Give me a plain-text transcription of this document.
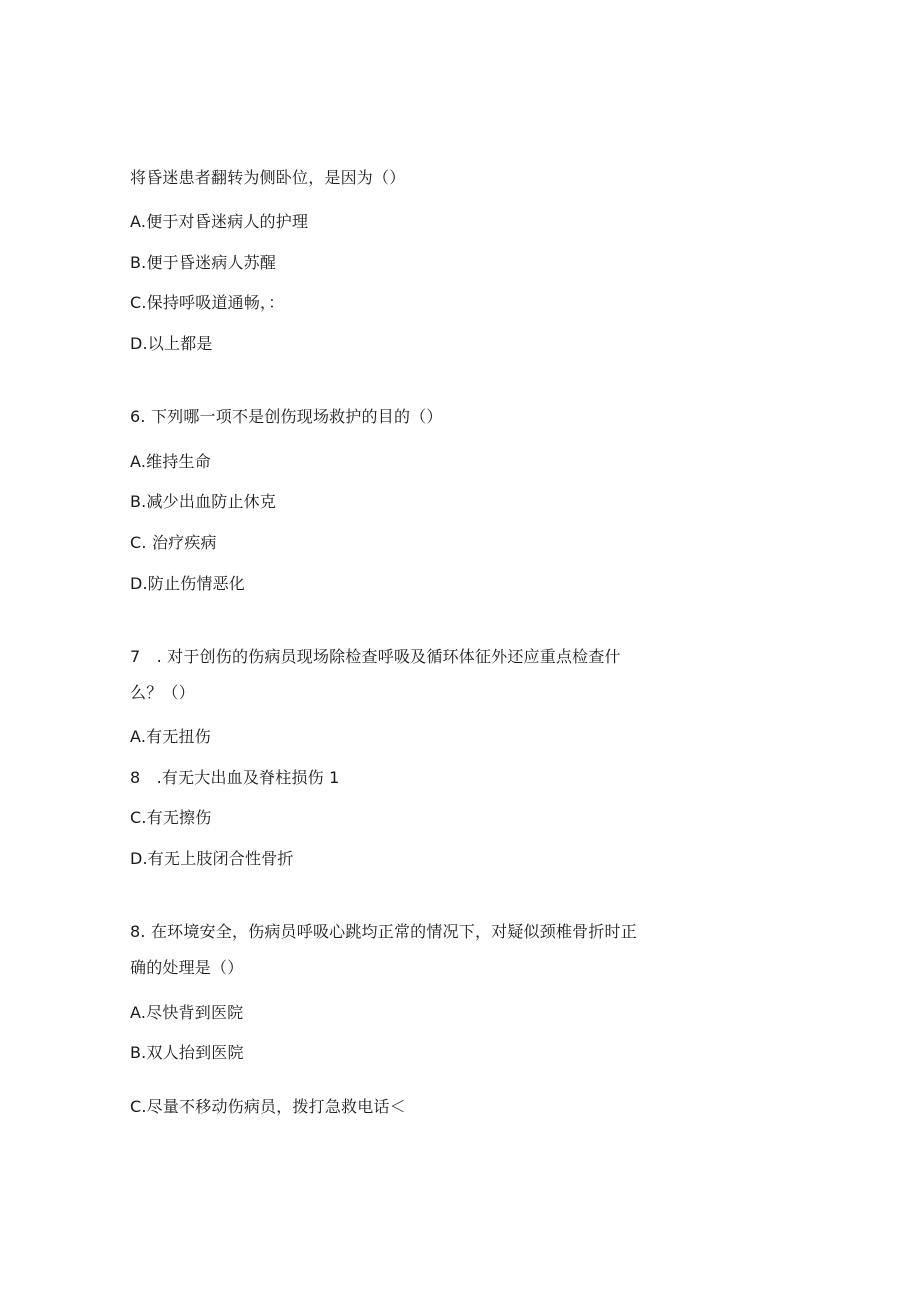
将昏迷患者翻转为侧卧位，是因为（）
A.便于对昏迷病人的护理
B.便于昏迷病人苏醒
C.保持呼吸道通畅，：
D.以上都是
6. 下列哪一项不是创伤现场救护的目的（）
A.维持生命
B.减少出血防止休克
C. 治疗疾病
D.防止伤情恶化
7　. 对于创伤的伤病员现场除检查呼吸及循环体征外还应重点检查什
么？（）
A.有无扭伤
8　.有无大出血及脊柱损伤 1
C.有无擦伤
D.有无上肢闭合性骨折
8. 在环境安全，伤病员呼吸心跳均正常的情况下，对疑似颈椎骨折时正
确的处理是（）
A.尽快背到医院
B.双人抬到医院
C.尽量不移动伤病员，拨打急救电话＜
